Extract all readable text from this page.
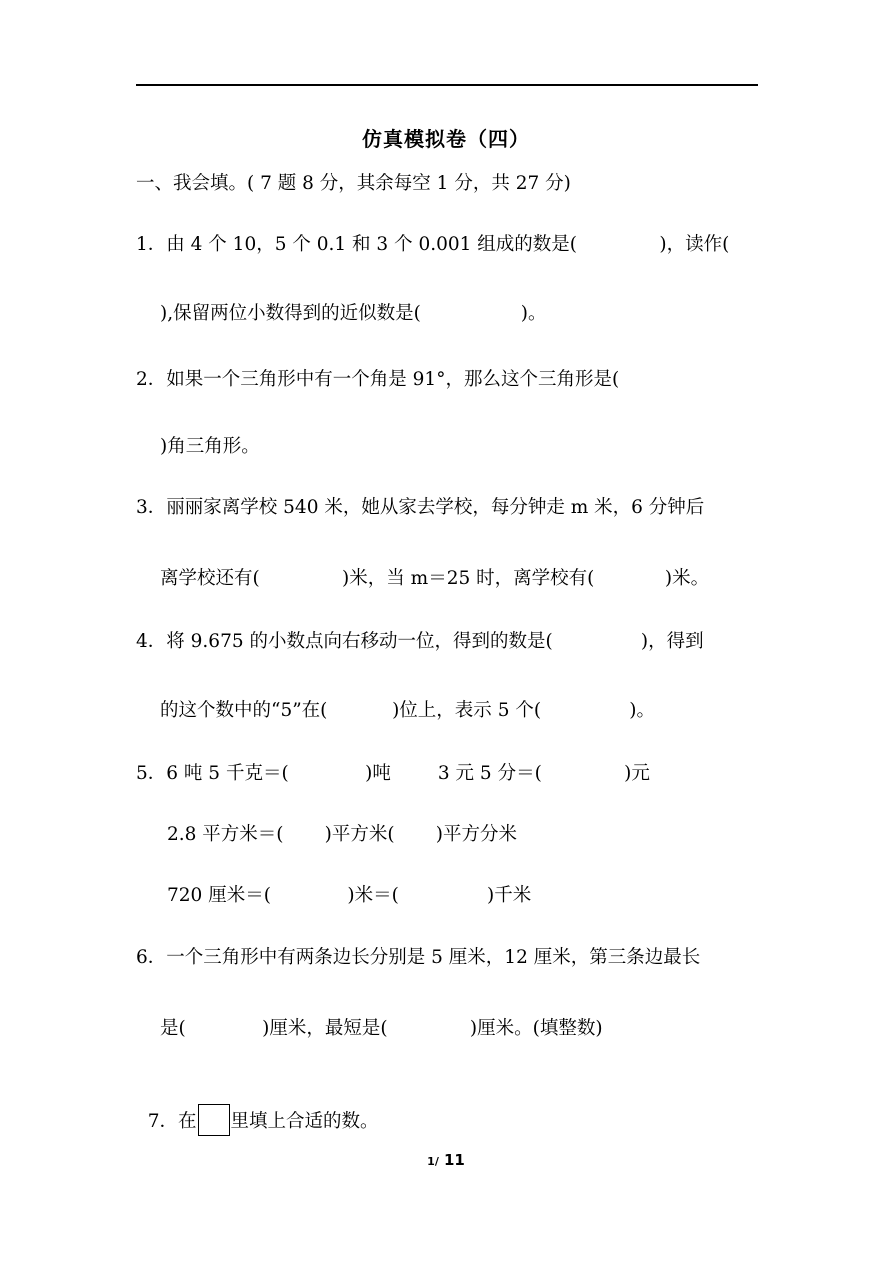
仿真模拟卷（四）
一、我会填。( 7 题 8 分，其余每空 1 分，共 27 分)
1．由 4 个 10，5 个 0.1 和 3 个 0.001 组成的数是(              )，读作(
),保留两位小数得到的近似数是(                 )。
2．如果一个三角形中有一个角是 91°，那么这个三角形是(
)角三角形。
3．丽丽家离学校 540 米，她从家去学校，每分钟走 m 米，6 分钟后
离学校还有(              )米，当 m＝25 时，离学校有(            )米。
4．将 9.675 的小数点向右移动一位，得到的数是(               )，得到
的这个数中的“5”在(           )位上，表示 5 个(               )。
5．6 吨 5 千克＝(             )吨        3 元 5 分＝(              )元
2.8 平方米＝(       )平方米(       )平方分米
720 厘米＝(             )米＝(               )千米
6．一个三角形中有两条边长分别是 5 厘米，12 厘米，第三条边最长
是(             )厘米，最短是(              )厘米。(填整数)

7．在 里填上合适的数。

1/ 11
